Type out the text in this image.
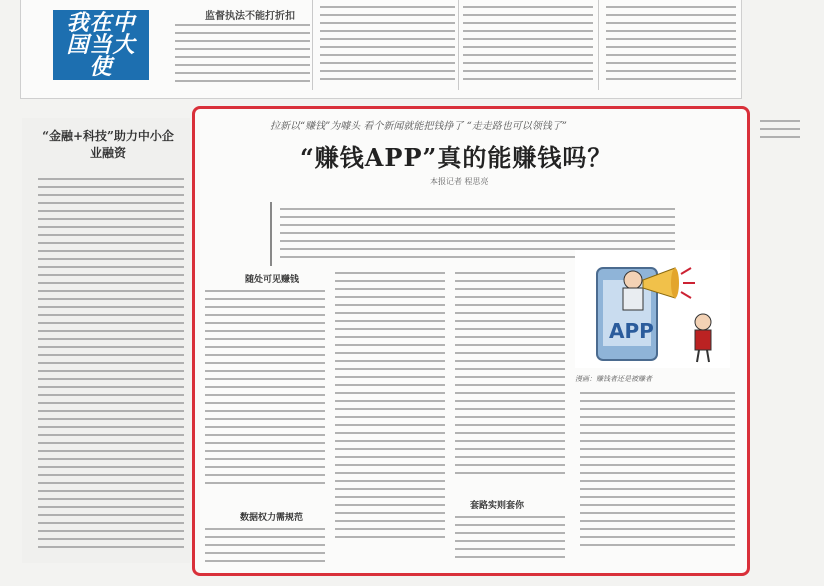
我在中国当大使
监督执法不能打折扣
“金融+科技”助力中小企业融资
拉新以“赚钱”为噱头 看个新闻就能把钱挣了 “走走路也可以领钱了”
“赚钱APP”真的能赚钱吗？
本报记者 程思亮
随处可见赚钱
数据权力需规范
套路实则套你
APP
漫画：赚钱者还是被赚者
